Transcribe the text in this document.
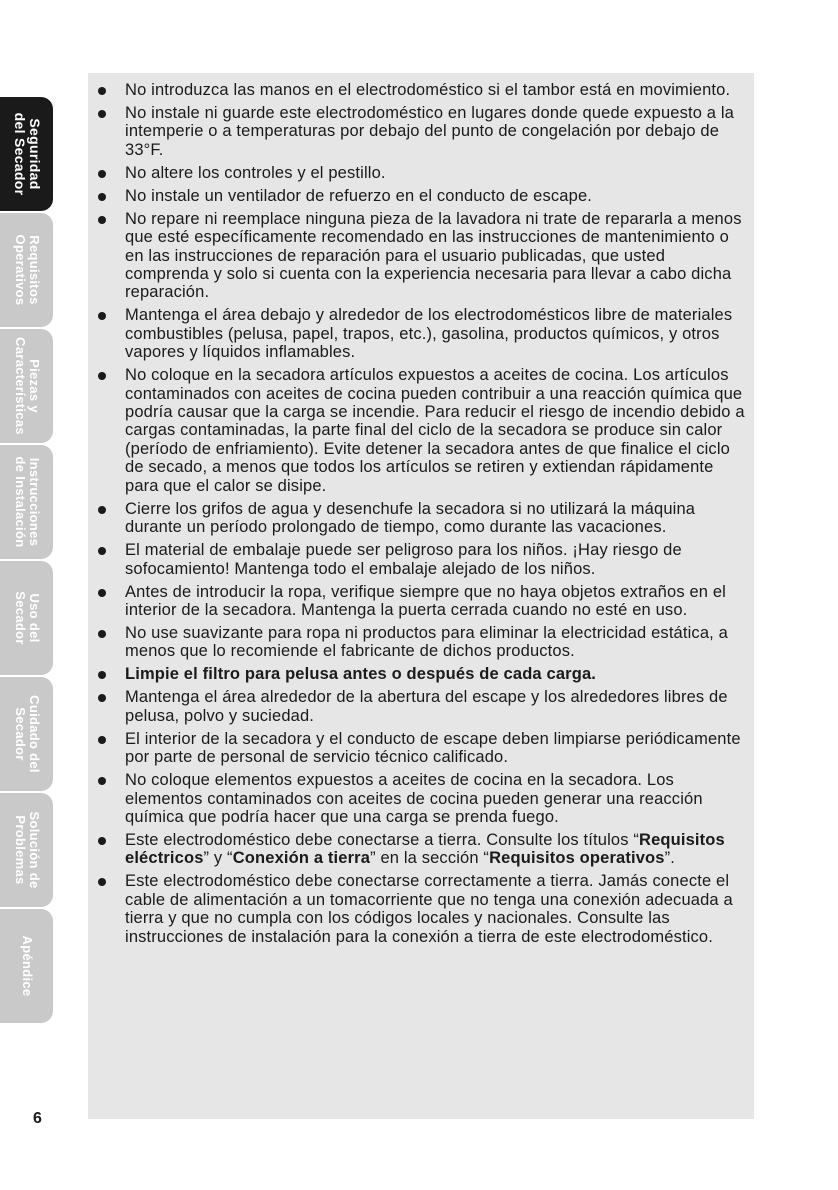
Seguridad
del Secador
Requisitos
Operativos
Piezas y
Características
Instrucciones
de Instalación
Uso del
Secador
Cuidado del
Secador
Solución de
Problemas
Apéndice
No introduzca las manos en el electrodoméstico si el tambor está en movimiento.
No instale ni guarde este electrodoméstico en lugares donde quede expuesto a la intemperie o a temperaturas por debajo del punto de congelación por debajo de 33°F.
No altere los controles y el pestillo.
No instale un ventilador de refuerzo en el conducto de escape.
No repare ni reemplace ninguna pieza de la lavadora ni trate de repararla a menos que esté específicamente recomendado en las instrucciones de mantenimiento o en las instrucciones de reparación para el usuario publicadas, que usted comprenda y solo si cuenta con la experiencia necesaria para llevar a cabo dicha reparación.
Mantenga el área debajo y alrededor de los electrodomésticos libre de materiales combustibles (pelusa, papel, trapos, etc.), gasolina, productos químicos, y otros vapores y líquidos inflamables.
No coloque en la secadora artículos expuestos a aceites de cocina. Los artículos contaminados con aceites de cocina pueden contribuir a una reacción química que podría causar que la carga se incendie. Para reducir el riesgo de incendio debido a cargas contaminadas, la parte final del ciclo de la secadora se produce sin calor (período de enfriamiento). Evite detener la secadora antes de que finalice el ciclo de secado, a menos que todos los artículos se retiren y extiendan rápidamente para que el calor se disipe.
Cierre los grifos de agua y desenchufe la secadora si no utilizará la máquina durante un período prolongado de tiempo, como durante las vacaciones.
El material de embalaje puede ser peligroso para los niños. ¡Hay riesgo de sofocamiento! Mantenga todo el embalaje alejado de los niños.
Antes de introducir la ropa, verifique siempre que no haya objetos extraños en el interior de la secadora. Mantenga la puerta cerrada cuando no esté en uso.
No use suavizante para ropa ni productos para eliminar la electricidad estática, a menos que lo recomiende el fabricante de dichos productos.
Limpie el filtro para pelusa antes o después de cada carga.
Mantenga el área alrededor de la abertura del escape y los alrededores libres de pelusa, polvo y suciedad.
El interior de la secadora y el conducto de escape deben limpiarse periódicamente por parte de personal de servicio técnico calificado.
No coloque elementos expuestos a aceites de cocina en la secadora. Los elementos contaminados con aceites de cocina pueden generar una reacción química que podría hacer que una carga se prenda fuego.
Este electrodoméstico debe conectarse a tierra. Consulte los títulos “Requisitos eléctricos” y “Conexión a tierra” en la sección “Requisitos operativos”.
Este electrodoméstico debe conectarse correctamente a tierra. Jamás conecte el cable de alimentación a un tomacorriente que no tenga una conexión adecuada a tierra y que no cumpla con los códigos locales y nacionales. Consulte las instrucciones de instalación para la conexión a tierra de este electrodoméstico.
6
